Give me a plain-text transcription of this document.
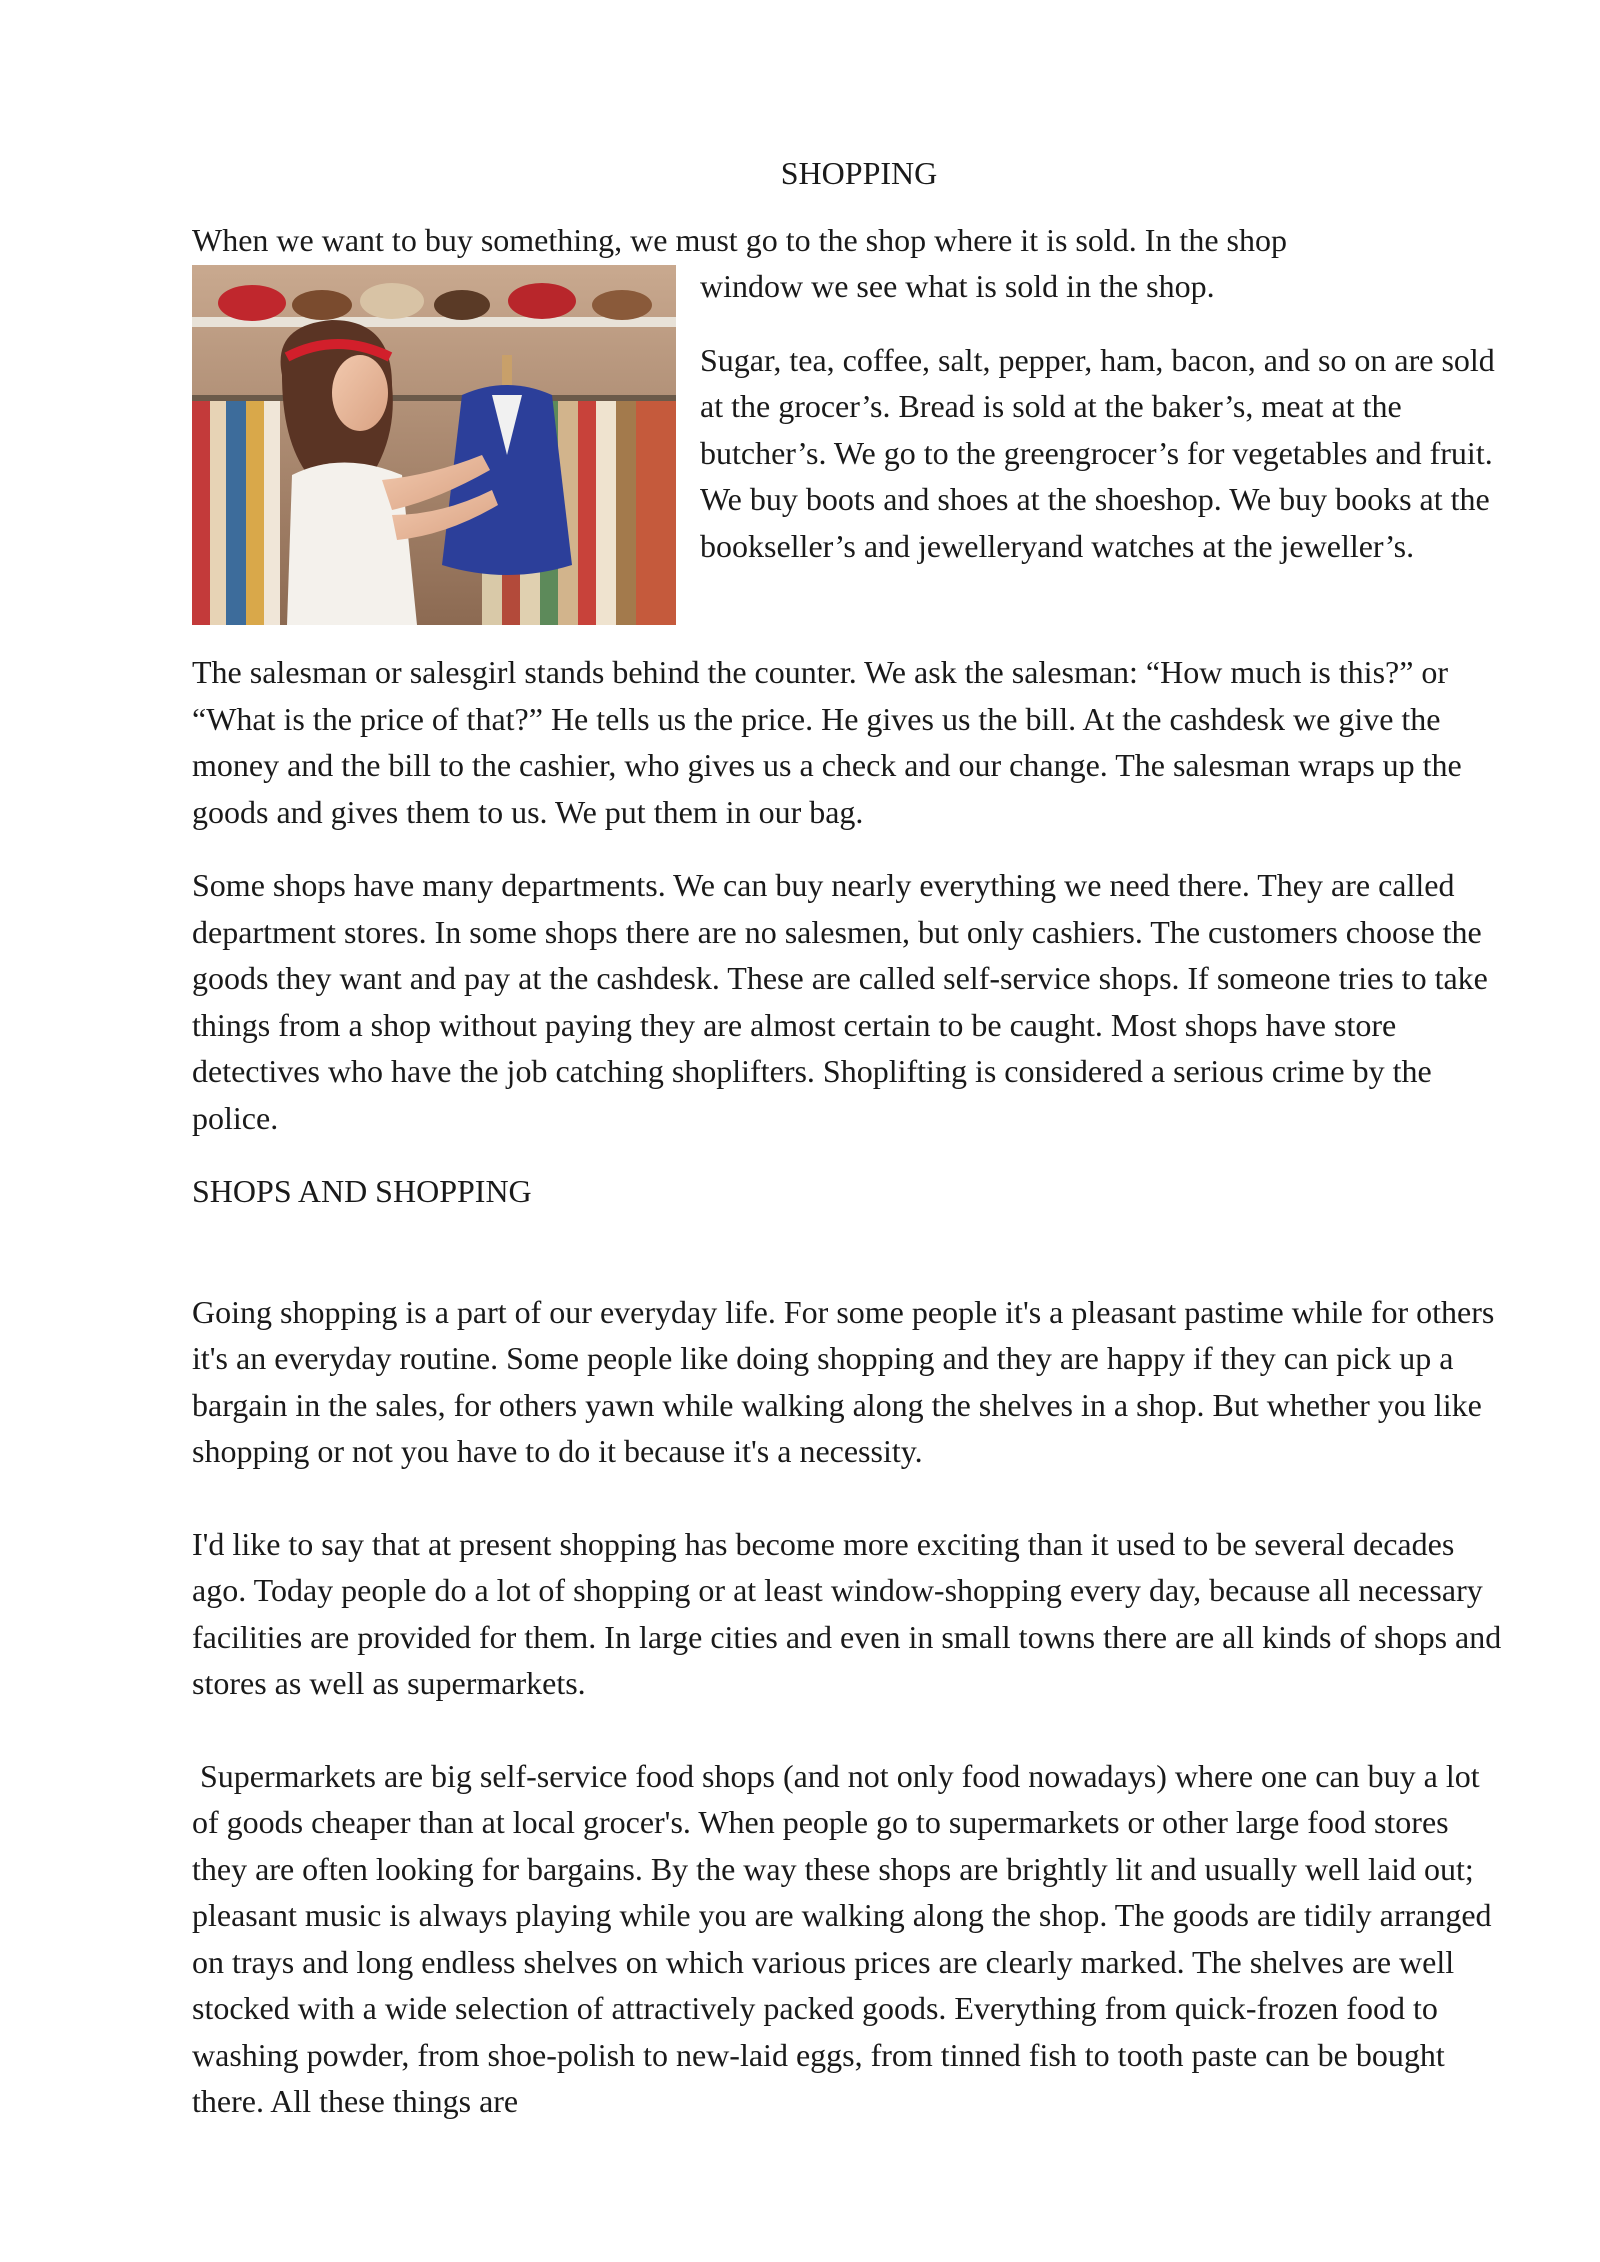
SHOPPING

When we want to buy something, we must go to the shop where it is sold. In the shop

window we see what is sold in the shop.

Sugar, tea, coffee, salt, pepper, ham, bacon, and so on are sold at the grocer’s. Bread is sold at the baker’s, meat at the butcher’s. We go to the greengrocer’s for vegetables and fruit. We buy boots and shoes at the shoeshop. We buy books at the bookseller’s and jewelleryand watches at the jeweller’s.

The salesman or salesgirl stands behind the counter. We ask the salesman: “How much is this?” or “What is the price of that?” He tells us the price. He gives us the bill. At the cashdesk we give the money and the bill to the cashier, who gives us a check and our change. The salesman wraps up the goods and gives them to us. We put them in our bag.

Some shops have many departments. We can buy nearly everything we need there. They are called department stores. In some shops there are no salesmen, but only cashiers. The customers choose the goods they want and pay at the cashdesk. These are called self-service shops. If someone tries to take things from a shop without paying they are almost certain to be caught. Most shops have store detectives who have the job catching shoplifters. Shoplifting is considered a serious crime by the police.

SHOPS AND SHOPPING

Going shopping is a part of our everyday life. For some people it's a pleasant pastime while for others it's an everyday routine. Some people like doing shopping and they are happy if they can pick up a bargain in the sales, for others yawn while walking along the shelves in a shop. But whether you like shopping or not you have to do it because it's a necessity.

I'd like to say that at present shopping has become more exciting than it used to be several decades ago. Today people do a lot of shopping or at least window-shopping every day, because all necessary facilities are provided for them. In large cities and even in small towns there are all kinds of shops and stores as well as supermarkets.

Supermarkets are big self-service food shops (and not only food nowadays) where one can buy a lot of goods cheaper than at local grocer's. When people go to supermarkets or other large food stores they are often looking for bargains. By the way these shops are brightly lit and usually well laid out; pleasant music is always playing while you are walking along the shop. The goods are tidily arranged on trays and long endless shelves on which various prices are clearly marked. The shelves are well stocked with a wide selection of attractively packed goods. Everything from quick-frozen food to washing powder, from shoe-polish to new-laid eggs, from tinned fish to tooth paste can be bought there. All these things are
